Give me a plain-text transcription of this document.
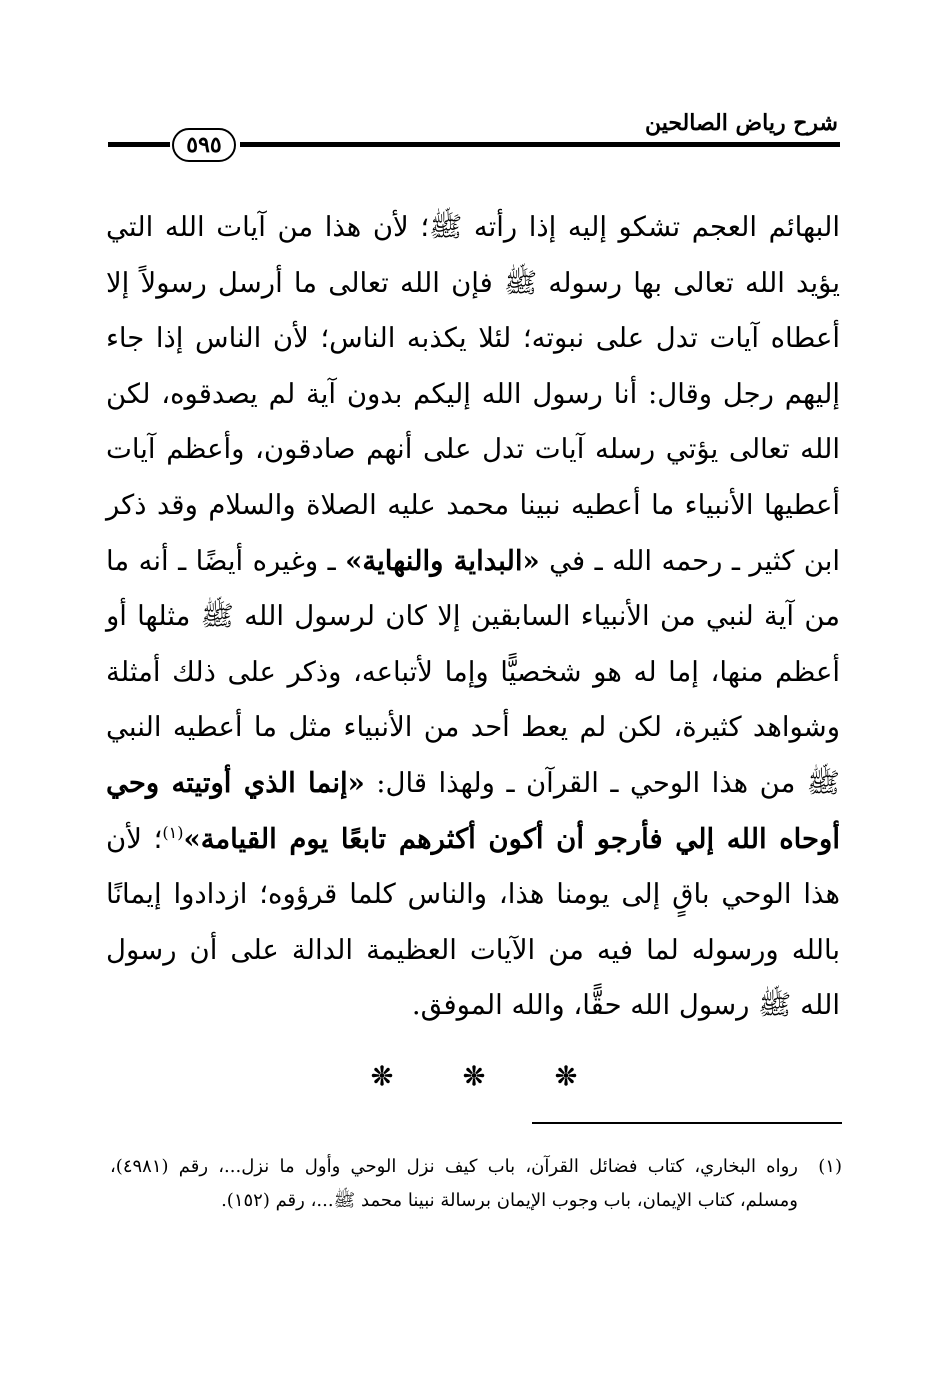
شرح رياض الصالحين
٥٩٥

البهائم العجم تشكو إليه إذا رأته ﷺ؛ لأن هذا من آيات الله التي يؤيد الله تعالى بها رسوله ﷺ فإن الله تعالى ما أرسل رسولاً إلا أعطاه آيات تدل على نبوته؛ لئلا يكذبه الناس؛ لأن الناس إذا جاء إليهم رجل وقال: أنا رسول الله إليكم بدون آية لم يصدقوه، لكن الله تعالى يؤتي رسله آيات تدل على أنهم صادقون، وأعظم آيات أعطيها الأنبياء ما أعطيه نبينا محمد عليه الصلاة والسلام وقد ذكر ابن كثير ـ رحمه الله ـ في «البداية والنهاية» ـ وغيره أيضًا ـ أنه ما من آية لنبي من الأنبياء السابقين إلا كان لرسول الله ﷺ مثلها أو أعظم منها، إما له هو شخصيًّا وإما لأتباعه، وذكر على ذلك أمثلة وشواهد كثيرة، لكن لم يعط أحد من الأنبياء مثل ما أعطيه النبي ﷺ من هذا الوحي ـ القرآن ـ ولهذا قال: «إنما الذي أوتيته وحي أوحاه الله إلي فأرجو أن أكون أكثرهم تابعًا يوم القيامة»$^{(١)}$؛ لأن هذا الوحي باقٍ إلى يومنا هذا، والناس كلما قرؤوه؛ ازدادوا إيمانًا بالله ورسوله لما فيه من الآيات العظيمة الدالة على أن رسول الله ﷺ رسول الله حقًّا، والله الموفق.

❊	❊	❊
(١)
رواه البخاري، كتاب فضائل القرآن، باب كيف نزل الوحي وأول ما نزل...، رقم (٤٩٨١)، ومسلم، كتاب الإيمان، باب وجوب الإيمان برسالة نبينا محمد ﷺ...، رقم (١٥٢).
